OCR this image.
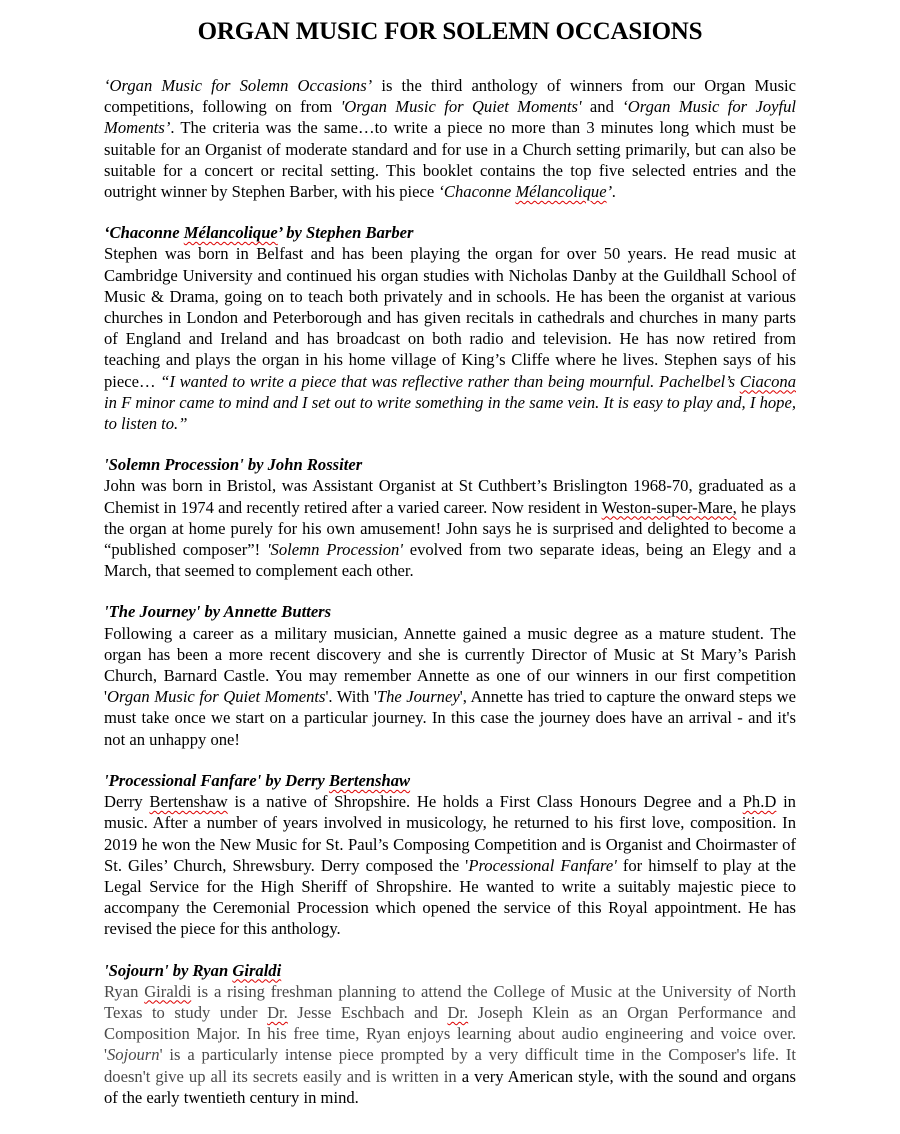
ORGAN MUSIC FOR SOLEMN OCCASIONS

‘Organ Music for Solemn Occasions’ is the third anthology of winners from our Organ Music competitions, following on from 'Organ Music for Quiet Moments' and ‘Organ Music for Joyful Moments’. The criteria was the same…to write a piece no more than 3 minutes long which must be suitable for an Organist of moderate standard and for use in a Church setting primarily, but can also be suitable for a concert or recital setting. This booklet contains the top five selected entries and the outright winner by Stephen Barber, with his piece ‘Chaconne Mélancolique’.

‘Chaconne Mélancolique’ by Stephen Barber

Stephen was born in Belfast and has been playing the organ for over 50 years. He read music at Cambridge University and continued his organ studies with Nicholas Danby at the Guildhall School of Music & Drama, going on to teach both privately and in schools. He has been the organist at various churches in London and Peterborough and has given recitals in cathedrals and churches in many parts of England and Ireland and has broadcast on both radio and television. He has now retired from teaching and plays the organ in his home village of King’s Cliffe where he lives. Stephen says of his piece… “I wanted to write a piece that was reflective rather than being mournful. Pachelbel’s Ciacona in F minor came to mind and I set out to write something in the same vein. It is easy to play and, I hope, to listen to.”

'Solemn Procession' by John Rossiter

John was born in Bristol, was Assistant Organist at St Cuthbert’s Brislington 1968-70, graduated as a Chemist in 1974 and recently retired after a varied career. Now resident in Weston-super-Mare, he plays the organ at home purely for his own amusement! John says he is surprised and delighted to become a “published composer”! 'Solemn Procession' evolved from two separate ideas, being an Elegy and a March, that seemed to complement each other.

'The Journey' by Annette Butters

Following a career as a military musician, Annette gained a music degree as a mature student. The organ has been a more recent discovery and she is currently Director of Music at St Mary’s Parish Church, Barnard Castle. You may remember Annette as one of our winners in our first competition 'Organ Music for Quiet Moments'. With 'The Journey', Annette has tried to capture the onward steps we must take once we start on a particular journey. In this case the journey does have an arrival - and it's not an unhappy one!

'Processional Fanfare' by Derry Bertenshaw

Derry Bertenshaw is a native of Shropshire. He holds a First Class Honours Degree and a Ph.D in music. After a number of years involved in musicology, he returned to his first love, composition. In 2019 he won the New Music for St. Paul’s Composing Competition and is Organist and Choirmaster of St. Giles’ Church, Shrewsbury. Derry composed the 'Processional Fanfare' for himself to play at the Legal Service for the High Sheriff of Shropshire. He wanted to write a suitably majestic piece to accompany the Ceremonial Procession which opened the service of this Royal appointment. He has revised the piece for this anthology.

'Sojourn' by Ryan Giraldi

Ryan Giraldi is a rising freshman planning to attend the College of Music at the University of North Texas to study under Dr. Jesse Eschbach and Dr. Joseph Klein as an Organ Performance and Composition Major. In his free time, Ryan enjoys learning about audio engineering and voice over. 'Sojourn' is a particularly intense piece prompted by a very difficult time in the Composer's life. It doesn't give up all its secrets easily and is written in a very American style, with the sound and organs of the early twentieth century in mind.
